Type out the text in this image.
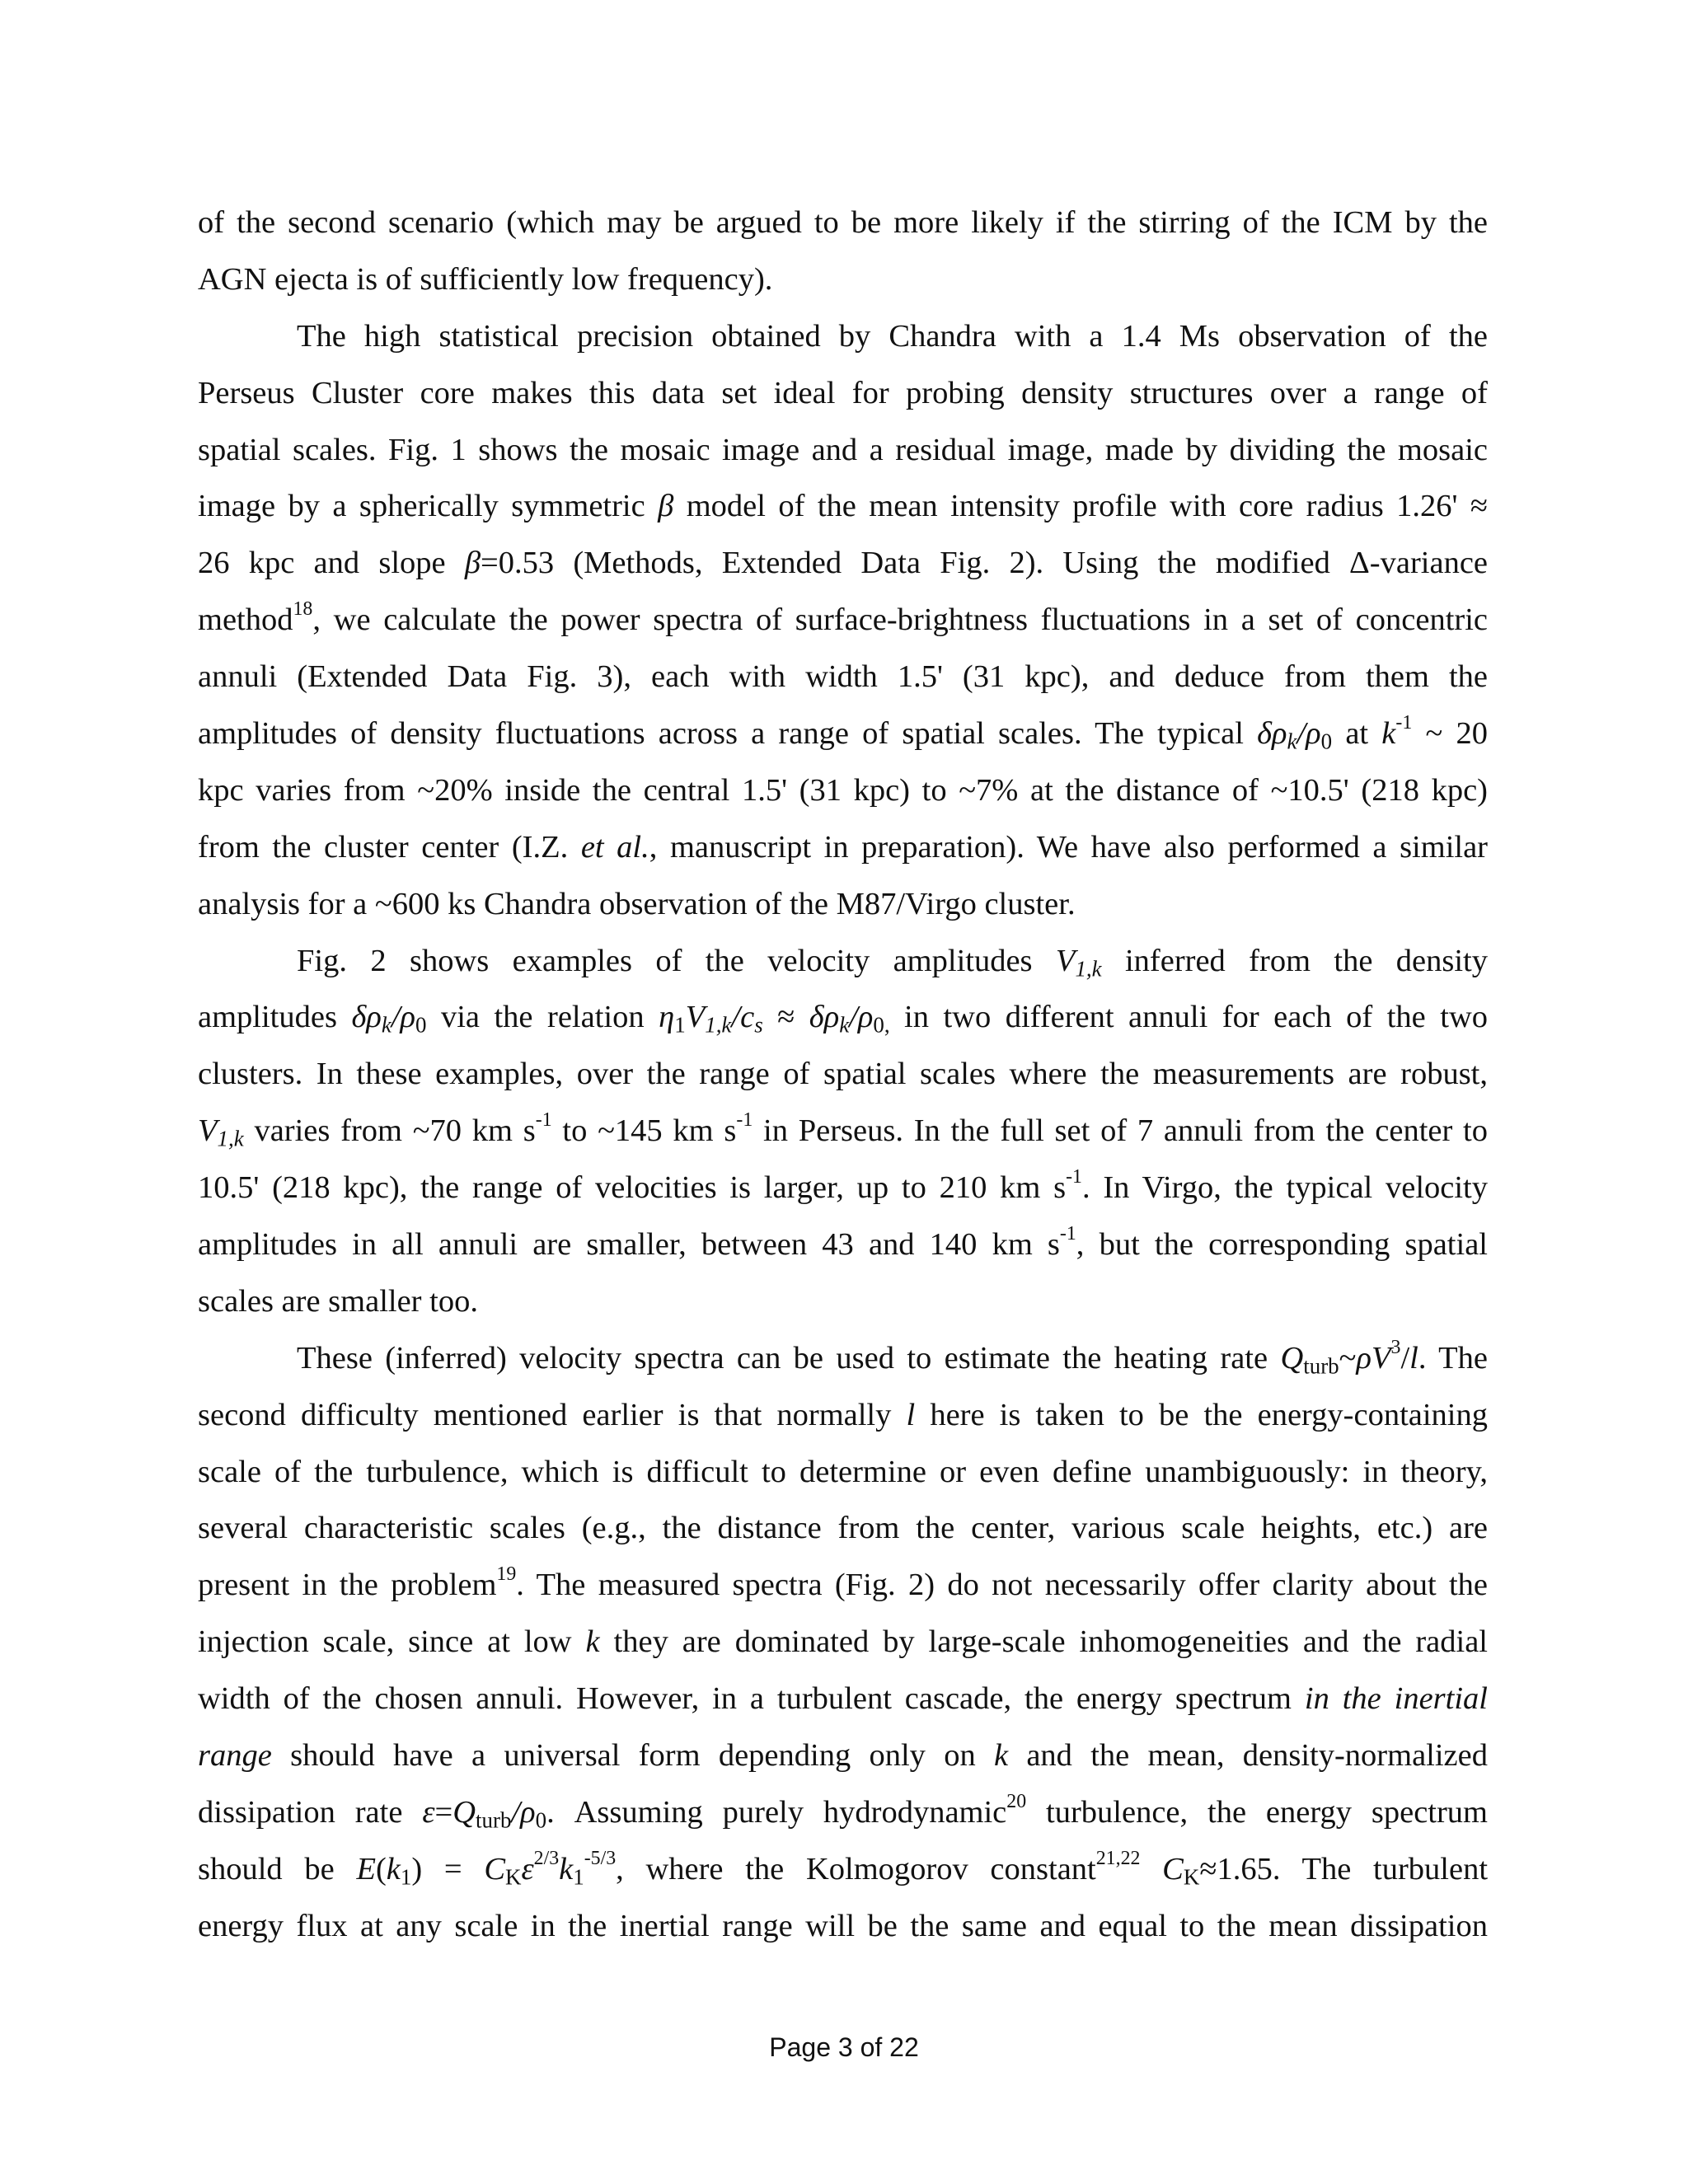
of the second scenario (which may be argued to be more likely if the stirring of the ICM by the
AGN ejecta is of sufficiently low frequency).
The high statistical precision obtained by Chandra with a 1.4 Ms observation of the
Perseus Cluster core makes this data set ideal for probing density structures over a range of
spatial scales. Fig. 1 shows the mosaic image and a residual image, made by dividing the mosaic
image by a spherically symmetric β model of the mean intensity profile with core radius 1.26' ≈
26 kpc and slope β=0.53 (Methods, Extended Data Fig. 2). Using the modified Δ-variance
method$^{18}$, we calculate the power spectra of surface-brightness fluctuations in a set of concentric
annuli (Extended Data Fig. 3), each with width 1.5' (31 kpc), and deduce from them the
amplitudes of density fluctuations across a range of spatial scales. The typical $\delta\rho_k/\rho_0$ at $k^{-1}$ ~ 20
kpc varies from ~20% inside the central 1.5' (31 kpc) to ~7% at the distance of ~10.5' (218 kpc)
from the cluster center (I.Z. et al., manuscript in preparation). We have also performed a similar
analysis for a ~600 ks Chandra observation of the M87/Virgo cluster.
Fig. 2 shows examples of the velocity amplitudes $V_{1,k}$ inferred from the density
amplitudes $\delta\rho_k/\rho_0$ via the relation $\eta_1V_{1,k}/c_s \approx \delta\rho_k/\rho_{0,}$ in two different annuli for each of the two
clusters. In these examples, over the range of spatial scales where the measurements are robust,
$V_{1,k}$ varies from ~70 km $s^{-1}$ to ~145 km $s^{-1}$ in Perseus. In the full set of 7 annuli from the center to
10.5' (218 kpc), the range of velocities is larger, up to 210 km $s^{-1}$. In Virgo, the typical velocity
amplitudes in all annuli are smaller, between 43 and 140 km $s^{-1}$, but the corresponding spatial
scales are smaller too.
These (inferred) velocity spectra can be used to estimate the heating rate $Q_{turb}\sim\rho V^3/l$. The
second difficulty mentioned earlier is that normally l here is taken to be the energy-containing
scale of the turbulence, which is difficult to determine or even define unambiguously: in theory,
several characteristic scales (e.g., the distance from the center, various scale heights, etc.) are
present in the problem$^{19}$. The measured spectra (Fig. 2) do not necessarily offer clarity about the
injection scale, since at low k they are dominated by large-scale inhomogeneities and the radial
width of the chosen annuli. However, in a turbulent cascade, the energy spectrum in the inertial
range should have a universal form depending only on k and the mean, density-normalized
dissipation rate $\varepsilon=Q_{turb}/\rho_0$. Assuming purely hydrodynamic$^{20}$ turbulence, the energy spectrum
should be $E(k_1) = C_K\varepsilon^{2/3}k_1^{-5/3}$, where the Kolmogorov constant$^{21,22}$ $C_K\approx 1.65$. The turbulent
energy flux at any scale in the inertial range will be the same and equal to the mean dissipation
Page 3 of 22
